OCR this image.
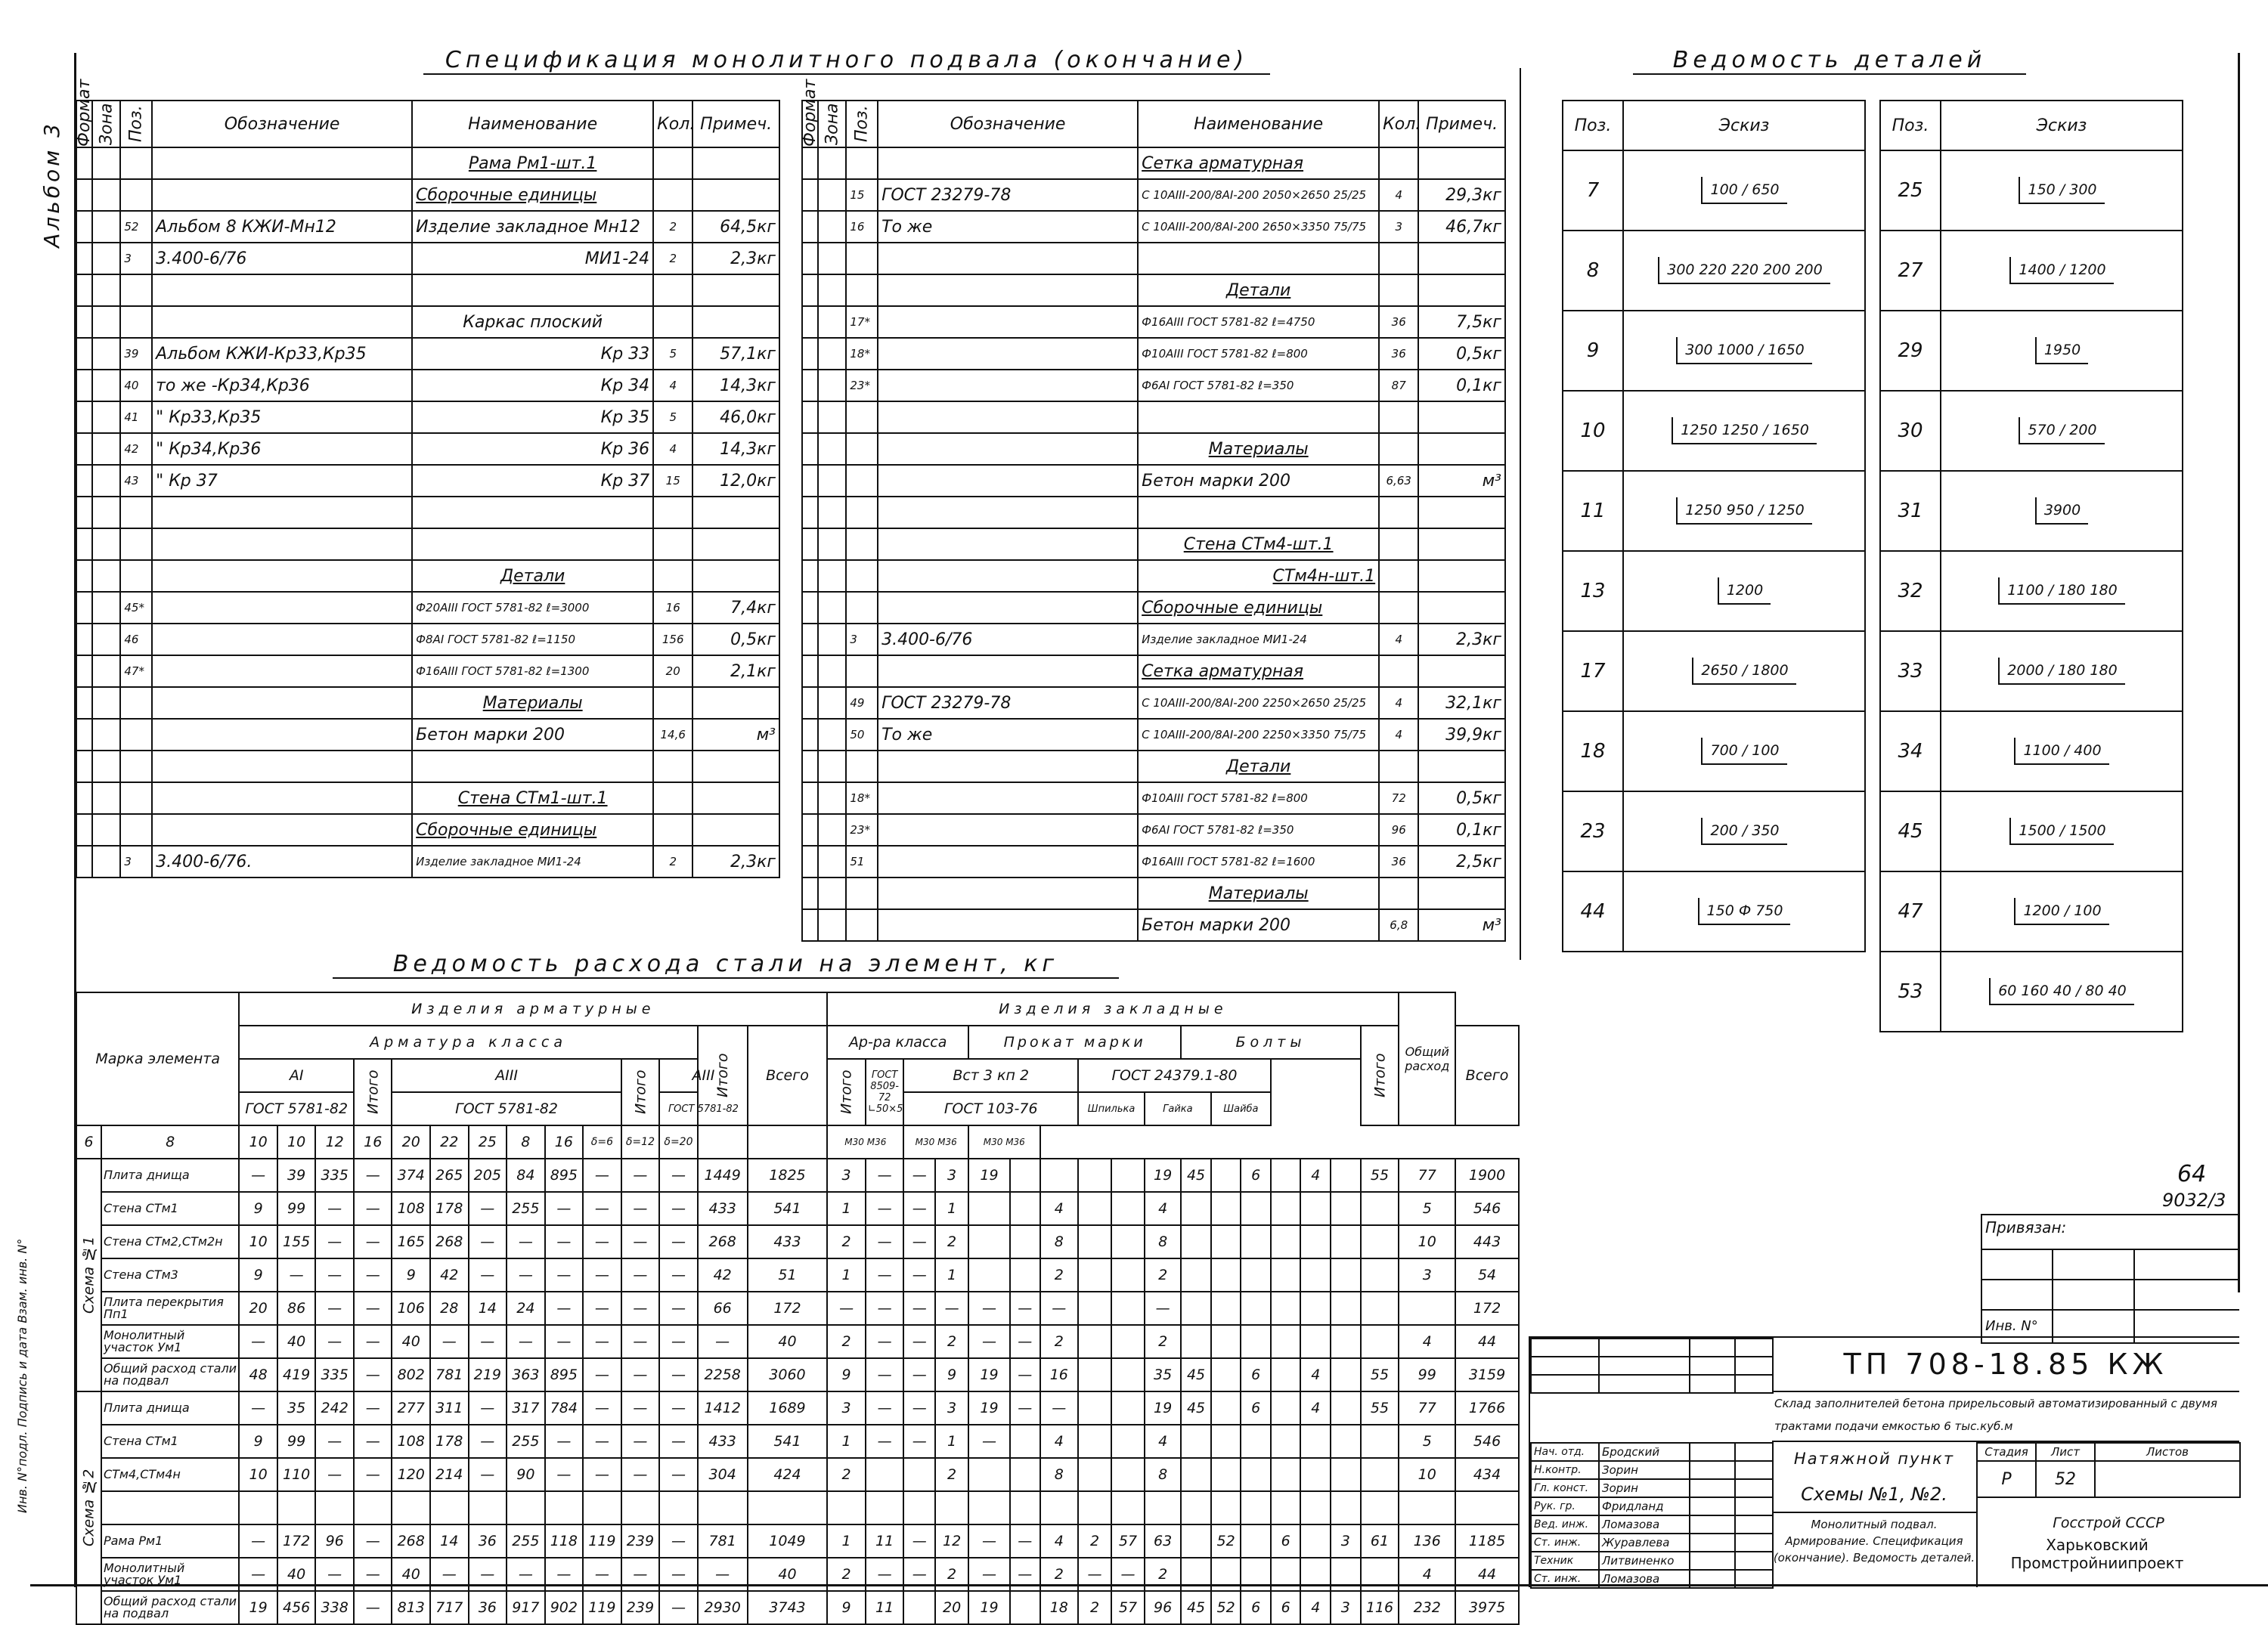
Альбом 3
Инв. N°подл. Подпись и дата Взам. инв. N°
Спецификация монолитного подвала (окончание)
Формат	Зона	Поз.	Обозначение	Наименование	Кол.	Примеч.
				Рама Рм1-шт.1		
				Сборочные единицы		
		52	Альбом 8 КЖИ-Мн12	Изделие закладное Мн12	2	64,5кг
		3	3.400-6/76	МИ1-24	2	2,3кг

				Каркас плоский		
		39	Альбом КЖИ-Кр33,Кр35	Кр 33	5	57,1кг
		40	то же -Кр34,Кр36	Кр 34	4	14,3кг
		41	" Кр33,Кр35	Кр 35	5	46,0кг
		42	" Кр34,Кр36	Кр 36	4	14,3кг
		43	" Кр 37	Кр 37	15	12,0кг

				Детали		
		45*		Ф20АIII ГОСТ 5781-82 ℓ=3000	16	7,4кг
		46		Ф8АI ГОСТ 5781-82 ℓ=1150	156	0,5кг
		47*		Ф16АIII ГОСТ 5781-82 ℓ=1300	20	2,1кг
				Материалы		
				Бетон марки 200	14,6	м³

				Стена СТм1-шт.1		
				Сборочные единицы		
		3	3.400-6/76.	Изделие закладное МИ1-24	2	2,3кг
Формат	Зона	Поз.	Обозначение	Наименование	Кол.	Примеч.
				Сетка арматурная		
		15	ГОСТ 23279-78	С 10АIII-200/8АI-200 2050×2650 25/25	4	29,3кг
		16	То же	С 10АIII-200/8АI-200 2650×3350 75/75	3	46,7кг

				Детали		
		17*		Ф16АIII ГОСТ 5781-82 ℓ=4750	36	7,5кг
		18*		Ф10АIII ГОСТ 5781-82 ℓ=800	36	0,5кг
		23*		Ф6АI ГОСТ 5781-82 ℓ=350	87	0,1кг

				Материалы		
				Бетон марки 200	6,63	м³

				Стена СТм4-шт.1		
				СТм4н-шт.1		
				Сборочные единицы		
		3	3.400-6/76	Изделие закладное МИ1-24	4	2,3кг
				Сетка арматурная		
		49	ГОСТ 23279-78	С 10АIII-200/8АI-200 2250×2650 25/25	4	32,1кг
		50	То же	С 10АIII-200/8АI-200 2250×3350 75/75	4	39,9кг
				Детали		
		18*		Ф10АIII ГОСТ 5781-82 ℓ=800	72	0,5кг
		23*		Ф6АI ГОСТ 5781-82 ℓ=350	96	0,1кг
		51		Ф16АIII ГОСТ 5781-82 ℓ=1600	36	2,5кг
				Материалы		
				Бетон марки 200	6,8	м³
Ведомость деталей
Поз.	Эскиз
7	100 / 650
8	300 220 220 200 200
9	300 1000 / 1650
10	1250 1250 / 1650
11	1250 950 / 1250
13	1200
17	2650 / 1800
18	700 / 100
23	200 / 350
44	150 Ф 750
Поз.	Эскиз
25	150 / 300
27	1400 / 1200
29	1950
30	570 / 200
31	3900
32	1100 / 180 180
33	2000 / 180 180
34	1100 / 400
45	1500 / 1500
47	1200 / 100
53	60 160 40 / 80 40
Ведомость расхода стали на элемент, кг
Марка элемента		Изделия арматурные														Изделия закладные																	Общий расход	
		Арматура класса												Итого	Всего	Ар-ра класса				Прокат марки						Болты						Итого		Всего
		АI			Итого	АIII						Итого	АIII			Итого	ГОСТ 8509-72
∟50×5	Вст 3 кп 2					ГОСТ 24379.1-80											
		ГОСТ 5781-82				ГОСТ 5781-82							ГОСТ 5781-82					ГОСТ 103-76					Шпилька		Гайка		Шайба							
6	8	10	10	12	16	20	22	25	8	16	δ=6	δ=12	δ=20			М30 М36		М30 М36		М30 М36														
Схема №1	Плита днища	—	39	335	—	374	265	205	84	895	—	—	—	1449	1825	3	—	—	3	19					19	45		6		4		55	77	1900
	Стена СТм1	9	99	—	—	108	178	—	255	—	—	—	—	433	541	1	—	—	1			4			4								5	546
	Стена СТм2,СТм2н	10	155	—	—	165	268	—	—	—	—	—	—	268	433	2	—	—	2			8			8								10	443
	Стена СТм3	9	—	—	—	9	42	—	—	—	—	—	—	42	51	1	—	—	1			2			2								3	54
	Плита перекрытия Пп1	20	86	—	—	106	28	14	24	—	—	—	—	66	172	—	—	—	—	—	—	—			—									172
	Монолитный участок Ум1	—	40	—	—	40	—	—	—	—	—	—	—	—	40	2	—	—	2	—	—	2			2								4	44
	Общий расход стали на подвал	48	419	335	—	802	781	219	363	895	—	—	—	2258	3060	9	—	—	9	19	—	16			35	45		6		4		55	99	3159
Схема №2	Плита днища	—	35	242	—	277	311	—	317	784	—	—	—	1412	1689	3	—	—	3	19	—	—			19	45		6		4		55	77	1766
	Стена СТм1	9	99	—	—	108	178	—	255	—	—	—	—	433	541	1	—	—	1	—		4			4								5	546
	СТм4,СТм4н	10	110	—	—	120	214	—	90	—	—	—	—	304	424	2			2			8			8								10	434

	Рама Рм1	—	172	96	—	268	14	36	255	118	119	239	—	781	1049	1	11	—	12	—	—	4	2	57	63		52		6		3	61	136	1185
	Монолитный участок Ум1	—	40	—	—	40	—	—	—	—	—	—	—	—	40	2	—	—	2	—	—	2	—	—	2								4	44
	Общий расход стали на подвал	19	456	338	—	813	717	36	917	902	119	239	—	2930	3743	9	11		20	19		18	2	57	96	45	52	6	6	4	3	116	232	3975
64
9032/3
Привязан:
Инв. N°
ТП 708-18.85 КЖ
Склад заполнителей бетона прирельсовый автоматизированный с двумя трактами подачи емкостью 6 тыс.куб.м
Натяжной пункт
Схемы №1, №2.
Монолитный подвал. Армирование. Спецификация (окончание). Ведомость деталей.
Стадия	Лист	Листов
Р	52	
Госстрой СССР
Харьковский Промстройниипроект
Нач. отд.	Бродский		
Н.контр.	Зорин		
Гл. конст.	Зорин		
Рук. гр.	Фридланд		
Вед. инж.	Ломазова		
Ст. инж.	Журавлева		
Техник	Литвиненко		
Ст. инж.	Ломазова		
